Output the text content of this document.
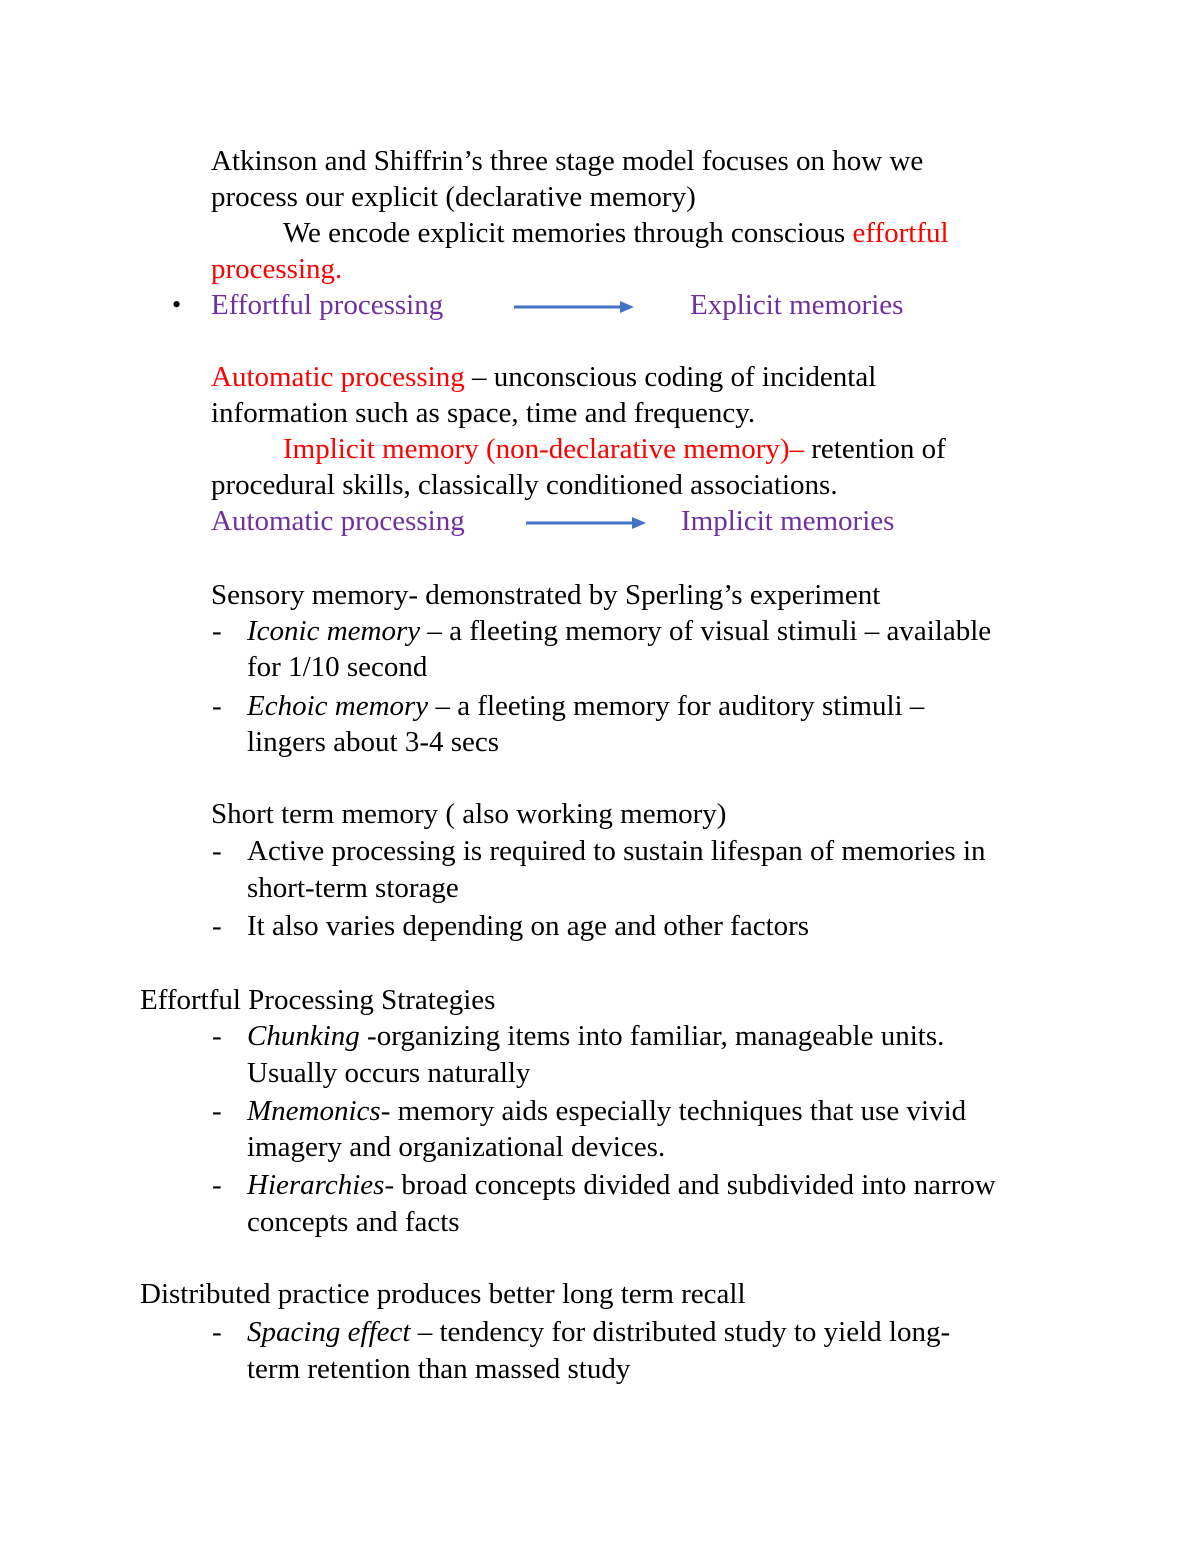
Atkinson and Shiffrin’s three stage model focuses on how we
process our explicit (declarative memory)
We encode explicit memories through conscious effortful
processing.
• Effortful processing	Explicit memories
Automatic processing – unconscious coding of incidental
information such as space, time and frequency.
Implicit memory (non-declarative memory)– retention of
procedural skills, classically conditioned associations.
Automatic processing	Implicit memories
Sensory memory- demonstrated by Sperling’s experiment
- Iconic memory – a fleeting memory of visual stimuli – available
for 1/10 second
- Echoic memory – a fleeting memory for auditory stimuli –
lingers about 3-4 secs
Short term memory ( also working memory)
- Active processing is required to sustain lifespan of memories in
short-term storage
- It also varies depending on age and other factors
Effortful Processing Strategies
- Chunking -organizing items into familiar, manageable units.
Usually occurs naturally
- Mnemonics- memory aids especially techniques that use vivid
imagery and organizational devices.
- Hierarchies- broad concepts divided and subdivided into narrow
concepts and facts
Distributed practice produces better long term recall
- Spacing effect – tendency for distributed study to yield long-
term retention than massed study
